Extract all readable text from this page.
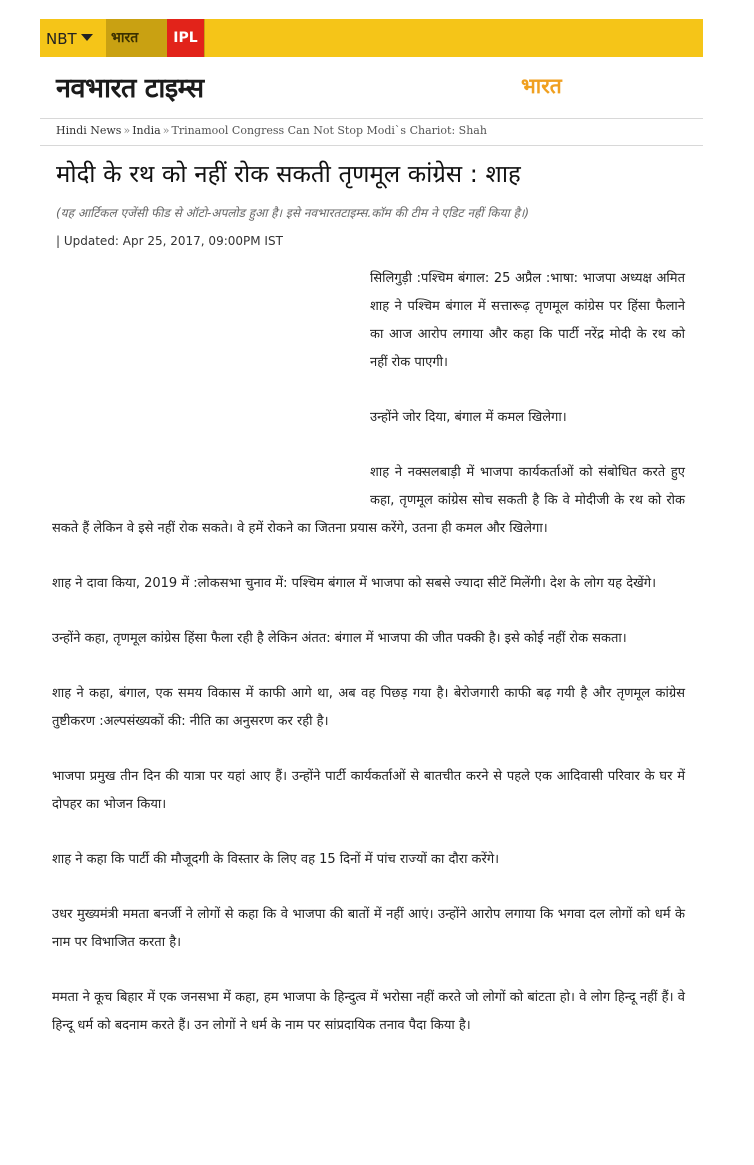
NBT	भारत	IPL
नवभारत टाइम्स	भारत
Hindi News » India » Trinamool Congress Can Not Stop Modi`s Chariot: Shah
मोदी के रथ को नहीं रोक सकती तृणमूल कांग्रेस : शाह
(यह आर्टिकल एजेंसी फीड से ऑटो-अपलोड हुआ है। इसे नवभारतटाइम्स.कॉम की टीम ने एडिट नहीं किया है।)
| Updated: Apr 25, 2017, 09:00PM IST

सिलिगुड़ी :पश्चिम बंगाल: 25 अप्रैल :भाषा: भाजपा अध्यक्ष अमित शाह ने पश्चिम बंगाल में सत्तारूढ़ तृणमूल कांग्रेस पर हिंसा फैलाने का आज आरोप लगाया और कहा कि पार्टी नरेंद्र मोदी के रथ को नहीं रोक पाएगी।

उन्होंने जोर दिया, बंगाल में कमल खिलेगा।

शाह ने नक्सलबाड़ी में भाजपा कार्यकर्ताओं को संबोधित करते हुए कहा, तृणमूल कांग्रेस सोच सकती है कि वे मोदीजी के रथ को रोक सकते हैं लेकिन वे इसे नहीं रोक सकते। वे हमें रोकने का जितना प्रयास करेंगे, उतना ही कमल और खिलेगा।

शाह ने दावा किया, 2019 में :लोकसभा चुनाव में: पश्चिम बंगाल में भाजपा को सबसे ज्यादा सीटें मिलेंगी। देश के लोग यह देखेंगे।

उन्होंने कहा, तृणमूल कांग्रेस हिंसा फैला रही है लेकिन अंतत: बंगाल में भाजपा की जीत पक्की है। इसे कोई नहीं रोक सकता।

शाह ने कहा, बंगाल, एक समय विकास में काफी आगे था, अब वह पिछड़ गया है। बेरोजगारी काफी बढ़ गयी है और तृणमूल कांग्रेस तुष्टीकरण :अल्पसंख्यकों की: नीति का अनुसरण कर रही है।

भाजपा प्रमुख तीन दिन की यात्रा पर यहां आए हैं। उन्होंने पार्टी कार्यकर्ताओं से बातचीत करने से पहले एक आदिवासी परिवार के घर में दोपहर का भोजन किया।

शाह ने कहा कि पार्टी की मौजूदगी के विस्तार के लिए वह 15 दिनों में पांच राज्यों का दौरा करेंगे।

उधर मुख्यमंत्री ममता बनर्जी ने लोगों से कहा कि वे भाजपा की बातों में नहीं आएं। उन्होंने आरोप लगाया कि भगवा दल लोगों को धर्म के नाम पर विभाजित करता है।

ममता ने कूच बिहार में एक जनसभा में कहा, हम भाजपा के हिन्दुत्व में भरोसा नहीं करते जो लोगों को बांटता हो। वे लोग हिन्दू नहीं हैं। वे हिन्दू धर्म को बदनाम करते हैं। उन लोगों ने धर्म के नाम पर सांप्रदायिक तनाव पैदा किया है।
